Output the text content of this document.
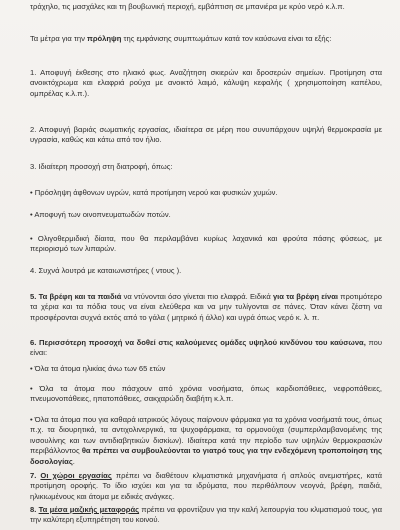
τράχηλο, τις μασχάλες και τη βουβωνική περιοχή, εμβάπτιση σε μπανιέρα με κρύο νερό κ.λ.π.

Τα μέτρα για την πρόληψη της εμφάνισης συμπτωμάτων κατά τον καύσωνα είναι τα εξής:

1. Αποφυγή έκθεσης στο ηλιακό φως. Αναζήτηση σκιερών και δροσερών σημείων. Προτίμηση στα ανοικτόχρωμα και ελαφριά ρούχα με ανοικτό λαιμό, κάλυψη κεφαλής ( χρησιμοποίηση καπέλου, ομπρέλας κ.λ.π.).

2. Αποφυγή βαριάς σωματικής εργασίας, ιδιαίτερα σε μέρη που συνυπάρχουν υψηλή θερμοκρασία με υγρασία, καθώς και κάτω από τον ήλιο.

3. Ιδιαίτερη προσοχή στη διατροφή, όπως:

• Πρόσληψη άφθονων υγρών, κατά προτίμηση νερού και φυσικών χυμών.

• Αποφυγή των οινοπνευματωδών ποτών.

• Ολιγοθερμιδική δίαιτα, που θα περιλαμβάνει κυρίως λαχανικά και φρούτα πάσης φύσεως, με περιορισμό των λιπαρών.

4. Συχνά λουτρά με καταιωνιστήρες ( ντους ).

5. Τα βρέφη και τα παιδιά να ντύνονται όσο γίνεται πιο ελαφρά. Ειδικά για τα βρέφη είναι προτιμότερο τα χέρια και τα πόδια τους να είναι ελεύθερα και να μην τυλίγονται σε πάνες. Όταν κάνει ζέστη να προσφέρονται συχνά εκτός από το γάλα ( μητρικό ή άλλο) και υγρά όπως νερό κ. λ. π.

6. Περισσότερη προσοχή να δοθεί στις καλούμενες ομάδες υψηλού κινδύνου του καύσωνα, που είναι:

• Όλα τα άτομα ηλικίας άνω των 65 ετών

• Όλα τα άτομα που πάσχουν από χρόνια νοσήματα, όπως καρδιοπάθειες, νεφροπάθειες, πνευμονοπάθειες, ηπατοπάθειες, σακχαρώδη διαβήτη κ.λ.π.

• Όλα τα άτομα που για καθαρά ιατρικούς λόγους παίρνουν φάρμακα για τα χρόνια νοσήματά τους, όπως π.χ. τα διουρητικά, τα αντιχολινεργικά, τα ψυχοφάρμακα, τα ορμονούχα (συμπεριλαμβανομένης της ινσουλίνης και των αντιδιαβητικών δισκίων). Ιδιαίτερα κατά την περίοδο των υψηλών θερμοκρασιών περιβάλλοντος θα πρέπει να συμβουλεύονται το γιατρό τους για την ενδεχόμενη τροποποίηση της δοσολογίας.

7. Οι χώροι εργασίας πρέπει να διαθέτουν κλιματιστικά μηχανήματα ή απλούς ανεμιστήρες, κατά προτίμηση οροφής. Το ίδιο ισχύει και για τα ιδρύματα, που περιθάλπουν νεογνά, βρέφη, παιδιά, ηλικιωμένους και άτομα με ειδικές ανάγκες.

8. Τα μέσα μαζικής μεταφοράς πρέπει να φροντίζουν για την καλή λειτουργία του κλιματισμού τους, για την καλύτερη εξυπηρέτηση του κοινού.
